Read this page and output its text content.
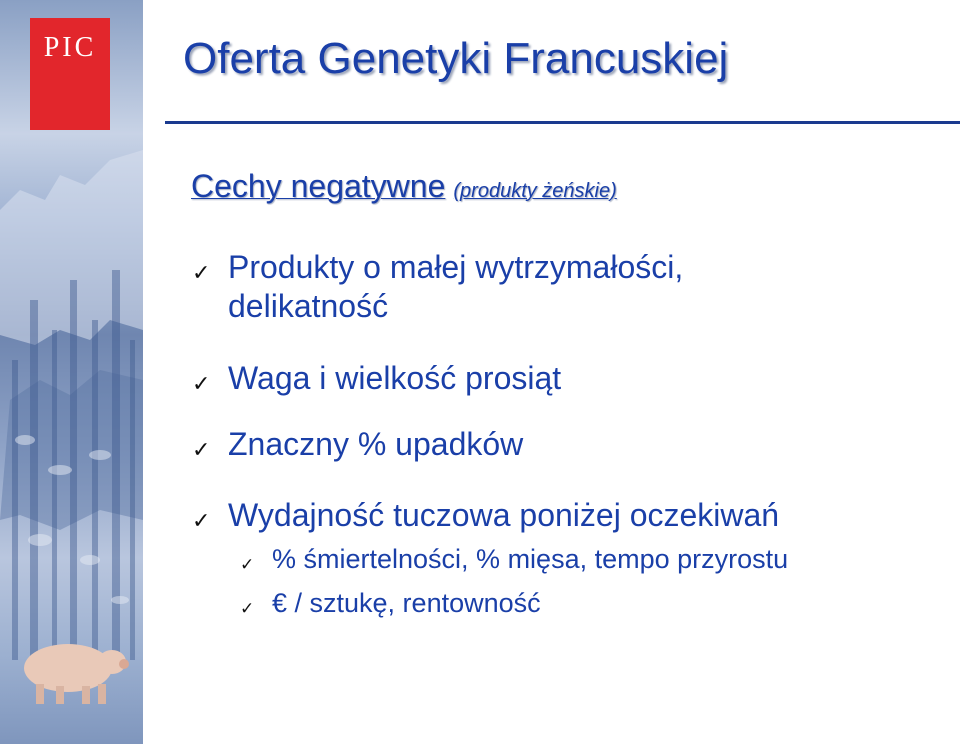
PIC	Oferta Genetyki Francuskiej
Cechy negatywne (produkty żeńskie)
✓ Produkty o małej wytrzymałości,
delikatność
✓ Waga i wielkość prosiąt
✓ Znaczny % upadków
✓ Wydajność tuczowa poniżej oczekiwań
✓ % śmiertelności, % mięsa, tempo przyrostu
✓ € / sztukę, rentowność
